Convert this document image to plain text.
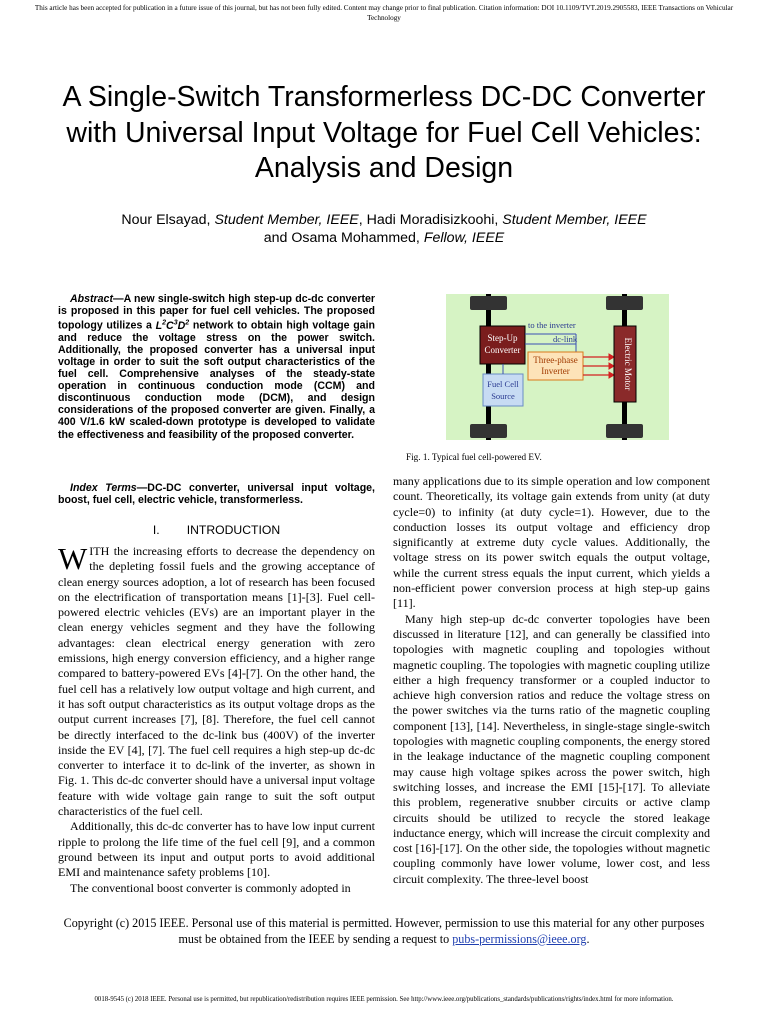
This article has been accepted for publication in a future issue of this journal, but has not been fully edited. Content may change prior to final publication. Citation information: DOI 10.1109/TVT.2019.2905583, IEEE Transactions on Vehicular Technology
A Single-Switch Transformerless DC-DC Converter with Universal Input Voltage for Fuel Cell Vehicles: Analysis and Design
Nour Elsayad, Student Member, IEEE, Hadi Moradisizkoohi, Student Member, IEEE
and Osama Mohammed, Fellow, IEEE
Abstract—A new single-switch high step-up dc-dc converter is proposed in this paper for fuel cell vehicles. The proposed topology utilizes a $L^2C^3D^2$ network to obtain high voltage gain and reduce the voltage stress on the power switch. Additionally, the proposed converter has a universal input voltage in order to suit the soft output characteristics of the fuel cell. Comprehensive analyses of the steady-state operation in continuous conduction mode (CCM) and discontinuous conduction mode (DCM), and design considerations of the proposed converter are given. Finally, a 400 V/1.6 kW scaled-down prototype is developed to validate the effectiveness and feasibility of the proposed converter.
Index Terms—DC-DC converter, universal input voltage, boost, fuel cell, electric vehicle, transformerless.
I.        INTRODUCTION

WITH the increasing efforts to decrease the dependency on the depleting fossil fuels and the growing acceptance of clean energy sources adoption, a lot of research has been focused on the electrification of transportation means [1]-[3]. Fuel cell-powered electric vehicles (EVs) are an important player in the clean energy vehicles segment and they have the following advantages: clean electrical energy generation with zero emissions, high energy conversion efficiency, and a higher range compared to battery-powered EVs [4]-[7]. On the other hand, the fuel cell has a relatively low output voltage and high current, and it has soft output characteristics as its output voltage drops as the output current increases [7], [8]. Therefore, the fuel cell cannot be directly interfaced to the dc-link bus (400V) of the inverter inside the EV [4], [7]. The fuel cell requires a high step-up dc-dc converter to interface it to dc-link of the inverter, as shown in Fig. 1. This dc-dc converter should have a universal input voltage feature with wide voltage gain range to suit the soft output characteristics of the fuel cell.

Additionally, this dc-dc converter has to have low input current ripple to prolong the life time of the fuel cell [9], and a common ground between its input and output ports to avoid additional EMI and maintenance safety problems [10].

The conventional boost converter is commonly adopted in

many applications due to its simple operation and low component count. Theoretically, its voltage gain extends from unity (at duty cycle=0) to infinity (at duty cycle=1). However, due to the conduction losses its output voltage and efficiency drop significantly at extreme duty cycle values. Additionally, the voltage stress on its power switch equals the output voltage, while the current stress equals the input current, which yields a non-efficient power conversion process at high step-up gains [11].

Many high step-up dc-dc converter topologies have been discussed in literature [12], and can generally be classified into topologies with magnetic coupling and topologies without magnetic coupling. The topologies with magnetic coupling utilize either a high frequency transformer or a coupled inductor to achieve high conversion ratios and reduce the voltage stress on the power switches via the turns ratio of the magnetic coupling component [13], [14]. Nevertheless, in single-stage single-switch topologies with magnetic coupling components, the energy stored in the leakage inductance of the magnetic coupling component may cause high voltage spikes across the power switch, high switching losses, and increase the EMI [15]-[17]. To alleviate this problem, regenerative snubber circuits or active clamp circuits should be utilized to recycle the stored leakage inductance energy, which will increase the circuit complexity and cost [16]-[17]. On the other side, the topologies without magnetic coupling commonly have lower volume, lower cost, and less circuit complexity. The three-level boost

Step-Up
Converter
to the inverter
dc-link
Three-phase
Inverter	Electric Motor
Fuel Cell
Source
Fig. 1. Typical fuel cell-powered EV.
Copyright (c) 2015 IEEE. Personal use of this material is permitted. However, permission to use this material for any other purposes must be obtained from the IEEE by sending a request to pubs-permissions@ieee.org.
0018-9545 (c) 2018 IEEE. Personal use is permitted, but republication/redistribution requires IEEE permission. See http://www.ieee.org/publications_standards/publications/rights/index.html for more information.
